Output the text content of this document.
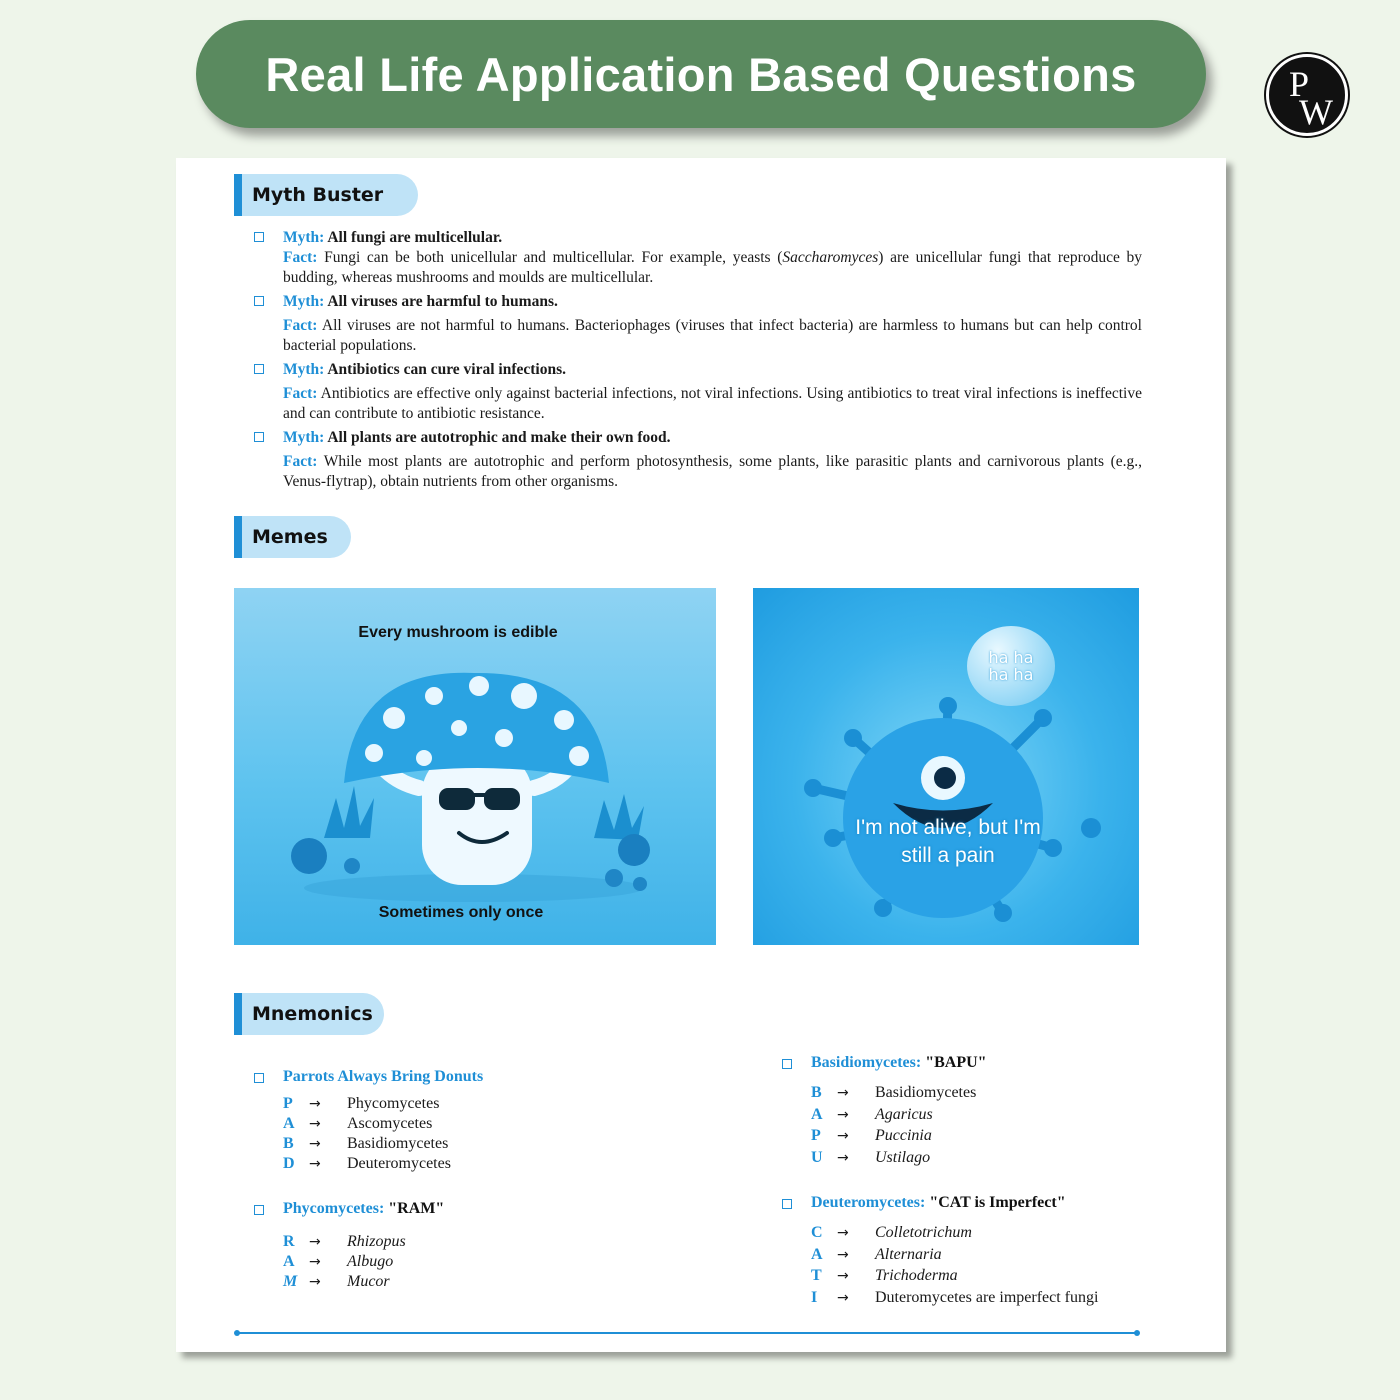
Real Life Application Based Questions	P
W
Myth Buster
Myth: All fungi are multicellular.
Fact: Fungi can be both unicellular and multicellular. For example, yeasts (Saccharomyces) are unicellular fungi that reproduce by budding, whereas mushrooms and moulds are multicellular.
Myth: All viruses are harmful to humans.
Fact: All viruses are not harmful to humans. Bacteriophages (viruses that infect bacteria) are harmless to humans but can help control bacterial populations.
Myth: Antibiotics can cure viral infections.
Fact: Antibiotics are effective only against bacterial infections, not viral infections. Using antibiotics to treat viral infections is ineffective and can contribute to antibiotic resistance.
Myth: All plants are autotrophic and make their own food.
Fact: While most plants are autotrophic and perform photosynthesis, some plants, like parasitic plants and carnivorous plants (e.g., Venus-flytrap), obtain nutrients from other organisms.
Memes
Every mushroom is edible
Sometimes only once
ha ha
ha ha
I'm not alive, but I'm
still a pain
Mnemonics
Parrots Always Bring Donuts
P	→	Phycomycetes
A	→	Ascomycetes
B	→	Basidiomycetes
D	→	Deuteromycetes
Phycomycetes: "RAM"
R	→	Rhizopus
A	→	Albugo
M →	Mucor
Basidiomycetes: "BAPU"
B	→	Basidiomycetes
A	→	Agaricus
P	→	Puccinia
U	→	Ustilago
Deuteromycetes: "CAT is Imperfect"
C	→	Colletotrichum
A	→	Alternaria
T	→	Trichoderma
I	→	Duteromycetes are imperfect fungi
